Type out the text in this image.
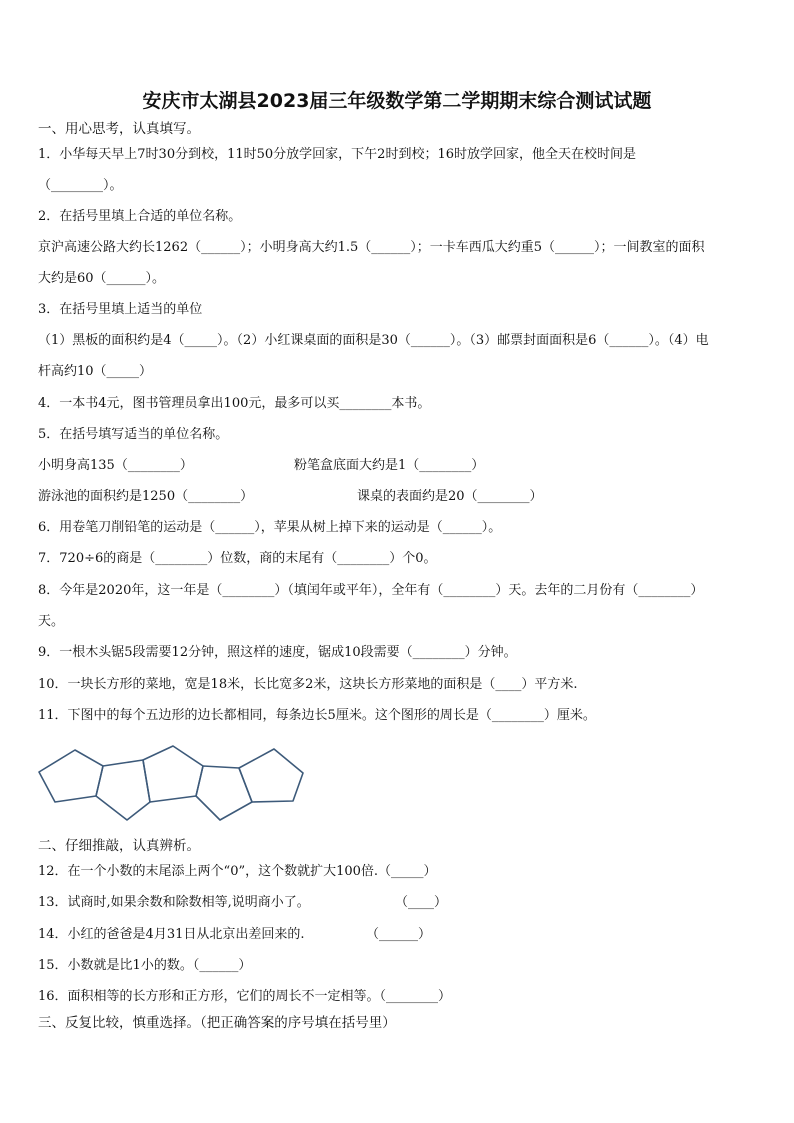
安庆市太湖县2023届三年级数学第二学期期末综合测试试题
一、用心思考，认真填写。
1．小华每天早上7时30分到校，11时50分放学回家，下午2时到校；16时放学回家，他全天在校时间是
（________）。
2．在括号里填上合适的单位名称。
京沪高速公路大约长1262（______）；小明身高大约1.5（______）；一卡车西瓜大约重5（______）；一间教室的面积
大约是60（______）。
3．在括号里填上适当的单位
（1）黑板的面积约是4（_____）。（2）小红课桌面的面积是30（______）。（3）邮票封面面积是6（______）。（4）电
杆高约10（_____）
4．一本书4元，图书管理员拿出100元，最多可以买________本书。
5．在括号填写适当的单位名称。
小明身高135（________）	粉笔盒底面大约是1（________）
游泳池的面积约是1250（________）	课桌的表面约是20（________）
6．用卷笔刀削铅笔的运动是（______），苹果从树上掉下来的运动是（______）。
7．720÷6的商是（________）位数，商的末尾有（________）个0。
8．今年是2020年，这一年是（________）（填闰年或平年），全年有（________）天。去年的二月份有（________）
天。
9．一根木头锯5段需要12分钟，照这样的速度，锯成10段需要（________）分钟。
10．一块长方形的菜地，宽是18米，长比宽多2米，这块长方形菜地的面积是（____）平方米.
11．下图中的每个五边形的边长都相同，每条边长5厘米。这个图形的周长是（________）厘米。
二、仔细推敲，认真辨析。
12．在一个小数的末尾添上两个“0”，这个数就扩大100倍.（_____）
13．试商时,如果余数和除数相等,说明商小了。	（____）
14．小红的爸爸是4月31日从北京出差回来的.	（______）
15．小数就是比1小的数。（______）
16．面积相等的长方形和正方形，它们的周长不一定相等。（________）
三、反复比较，慎重选择。（把正确答案的序号填在括号里）
